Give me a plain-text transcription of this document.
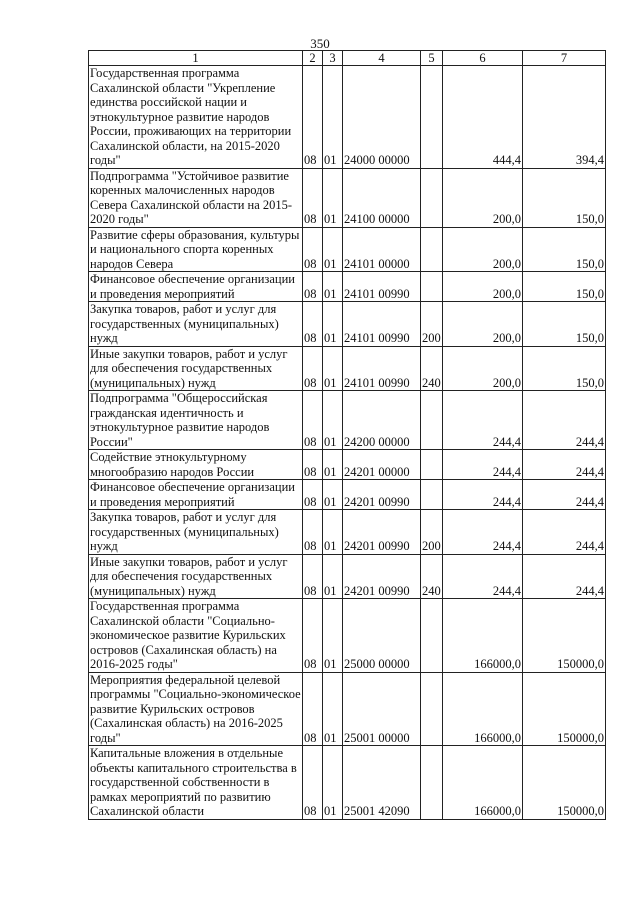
350
1	2	3	4	5	6	7
Государственная программа Сахалинской области "Укрепление единства российской нации и этнокультурное развитие народов России, проживающих на территории Сахалинской области, на 2015-2020 годы"	08	01	24000 00000		444,4	394,4
Подпрограмма "Устойчивое развитие коренных малочисленных народов Севера Сахалинской области на 2015-2020 годы"	08	01	24100 00000		200,0	150,0
Развитие сферы образования, культуры и национального спорта коренных народов Севера	08	01	24101 00000		200,0	150,0
Финансовое обеспечение организации и проведения мероприятий	08	01	24101 00990		200,0	150,0
Закупка товаров, работ и услуг для государственных (муниципальных) нужд	08	01	24101 00990	200	200,0	150,0
Иные закупки товаров, работ и услуг для обеспечения государственных (муниципальных) нужд	08	01	24101 00990	240	200,0	150,0
Подпрограмма "Общероссийская гражданская идентичность и этнокультурное развитие народов России"	08	01	24200 00000		244,4	244,4
Содействие этнокультурному многообразию народов России	08	01	24201 00000		244,4	244,4
Финансовое обеспечение организации и проведения мероприятий	08	01	24201 00990		244,4	244,4
Закупка товаров, работ и услуг для государственных (муниципальных) нужд	08	01	24201 00990	200	244,4	244,4
Иные закупки товаров, работ и услуг для обеспечения государственных (муниципальных) нужд	08	01	24201 00990	240	244,4	244,4
Государственная программа Сахалинской области "Социально-экономическое развитие Курильских островов (Сахалинская область) на 2016-2025 годы"	08	01	25000 00000		166000,0	150000,0
Мероприятия федеральной целевой программы "Социально-экономическое развитие Курильских островов (Сахалинская область) на 2016-2025 годы"	08	01	25001 00000		166000,0	150000,0
Капитальные вложения в отдельные объекты капитального строительства в государственной собственности в рамках мероприятий по развитию Сахалинской области	08	01	25001 42090		166000,0	150000,0
